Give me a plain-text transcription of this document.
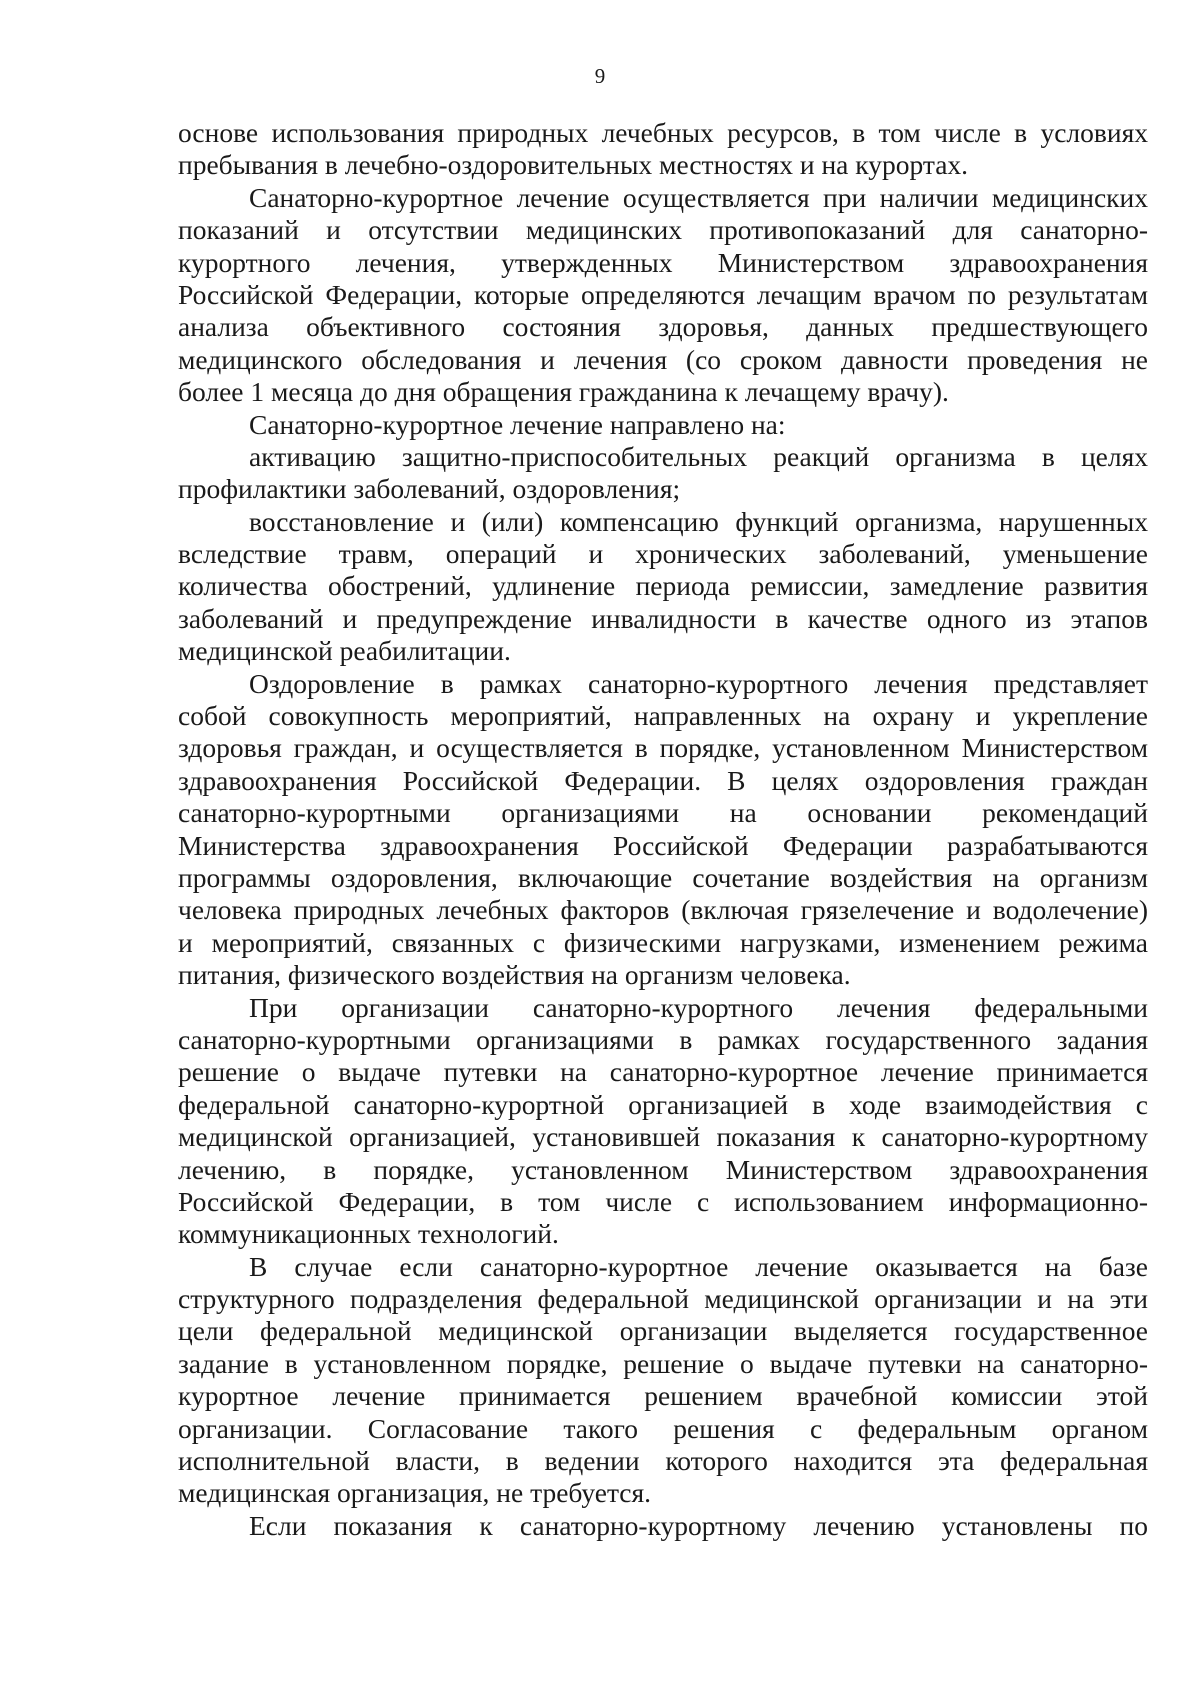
9
основе использования природных лечебных ресурсов, в том числе в условиях
пребывания в лечебно-оздоровительных местностях и на курортах.
Санаторно-курортное лечение осуществляется при наличии медицинских
показаний и отсутствии медицинских противопоказаний для санаторно-
курортного лечения, утвержденных Министерством здравоохранения
Российской Федерации, которые определяются лечащим врачом по результатам
анализа объективного состояния здоровья, данных предшествующего
медицинского обследования и лечения (со сроком давности проведения не
более 1 месяца до дня обращения гражданина к лечащему врачу).
Санаторно-курортное лечение направлено на:
активацию защитно-приспособительных реакций организма в целях
профилактики заболеваний, оздоровления;
восстановление и (или) компенсацию функций организма, нарушенных
вследствие травм, операций и хронических заболеваний, уменьшение
количества обострений, удлинение периода ремиссии, замедление развития
заболеваний и предупреждение инвалидности в качестве одного из этапов
медицинской реабилитации.
Оздоровление в рамках санаторно-курортного лечения представляет
собой совокупность мероприятий, направленных на охрану и укрепление
здоровья граждан, и осуществляется в порядке, установленном Министерством
здравоохранения Российской Федерации. В целях оздоровления граждан
санаторно-курортными организациями на основании рекомендаций
Министерства здравоохранения Российской Федерации разрабатываются
программы оздоровления, включающие сочетание воздействия на организм
человека природных лечебных факторов (включая грязелечение и водолечение)
и мероприятий, связанных с физическими нагрузками, изменением режима
питания, физического воздействия на организм человека.
При организации санаторно-курортного лечения федеральными
санаторно-курортными организациями в рамках государственного задания
решение о выдаче путевки на санаторно-курортное лечение принимается
федеральной санаторно-курортной организацией в ходе взаимодействия с
медицинской организацией, установившей показания к санаторно-курортному
лечению, в порядке, установленном Министерством здравоохранения
Российской Федерации, в том числе с использованием информационно-
коммуникационных технологий.
В случае если санаторно-курортное лечение оказывается на базе
структурного подразделения федеральной медицинской организации и на эти
цели федеральной медицинской организации выделяется государственное
задание в установленном порядке, решение о выдаче путевки на санаторно-
курортное лечение принимается решением врачебной комиссии этой
организации. Согласование такого решения с федеральным органом
исполнительной власти, в ведении которого находится эта федеральная
медицинская организация, не требуется.
Если показания к санаторно-курортному лечению установлены по
